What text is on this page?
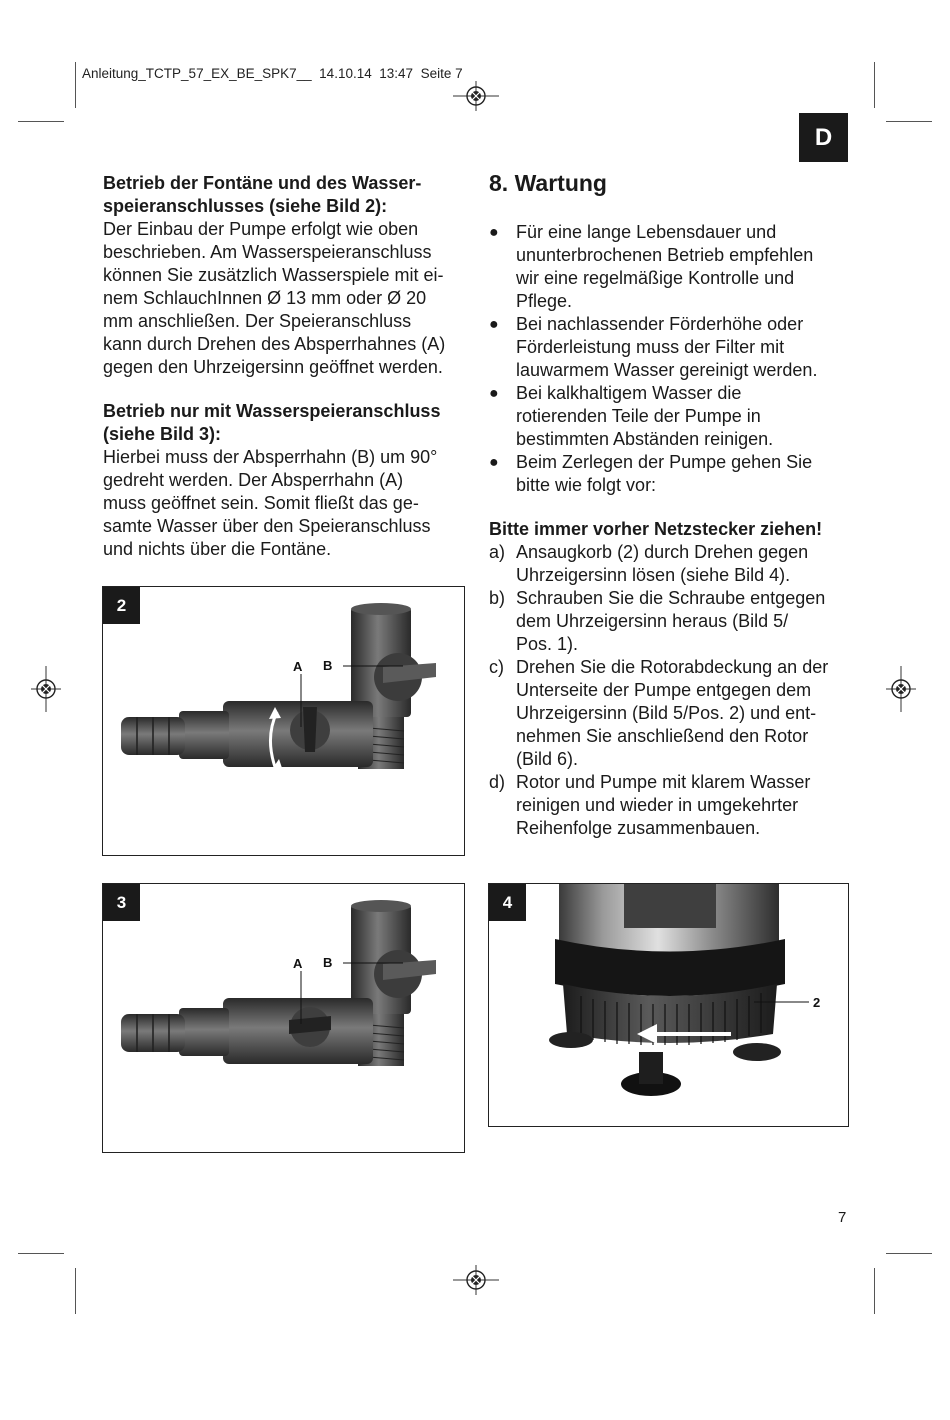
Anleitung_TCTP_57_EX_BE_SPK7__ 14.10.14 13:47 Seite 7
D

Betrieb der Fontäne und des Wasser-

speieranschlusses (siehe Bild 2):

Der Einbau der Pumpe erfolgt wie oben

beschrieben. Am Wasserspeieranschluss

können Sie zusätzlich Wasserspiele mit ei-

nem SchlauchInnen Ø 13 mm oder Ø 20

mm anschließen. Der Speieranschluss

kann durch Drehen des Absperrhahnes (A)

gegen den Uhrzeigersinn geöffnet werden.

Betrieb nur mit Wasserspeieranschluss

(siehe Bild 3):

Hierbei muss der Absperrhahn (B) um 90°

gedreht werden. Der Absperrhahn (A)

muss geöffnet sein. Somit fließt das ge-

samte Wasser über den Speieranschluss

und nichts über die Fontäne.

8. Wartung
● Für eine lange Lebensdauer und

ununterbrochenen Betrieb empfehlen

wir eine regelmäßige Kontrolle und

Pflege.

● Bei nachlassender Förderhöhe oder

Förderleistung muss der Filter mit

lauwarmem Wasser gereinigt werden.

● Bei kalkhaltigem Wasser die

rotierenden Teile der Pumpe in

bestimmten Abständen reinigen.

● Beim Zerlegen der Pumpe gehen Sie

bitte wie folgt vor:

Bitte immer vorher Netzstecker ziehen!
a) Ansaugkorb (2) durch Drehen gegen

Uhrzeigersinn lösen (siehe Bild 4).

b) Schrauben Sie die Schraube entgegen

dem Uhrzeigersinn heraus (Bild 5/

Pos. 1).

c) Drehen Sie die Rotorabdeckung an der

Unterseite der Pumpe entgegen dem

Uhrzeigersinn (Bild 5/Pos. 2) und ent-

nehmen Sie anschließend den Rotor

(Bild 6).

d) Rotor und Pumpe mit klarem Wasser

reinigen und wieder in umgekehrter

Reihenfolge zusammenbauen.

2
A B
3
A B
4
2
7
